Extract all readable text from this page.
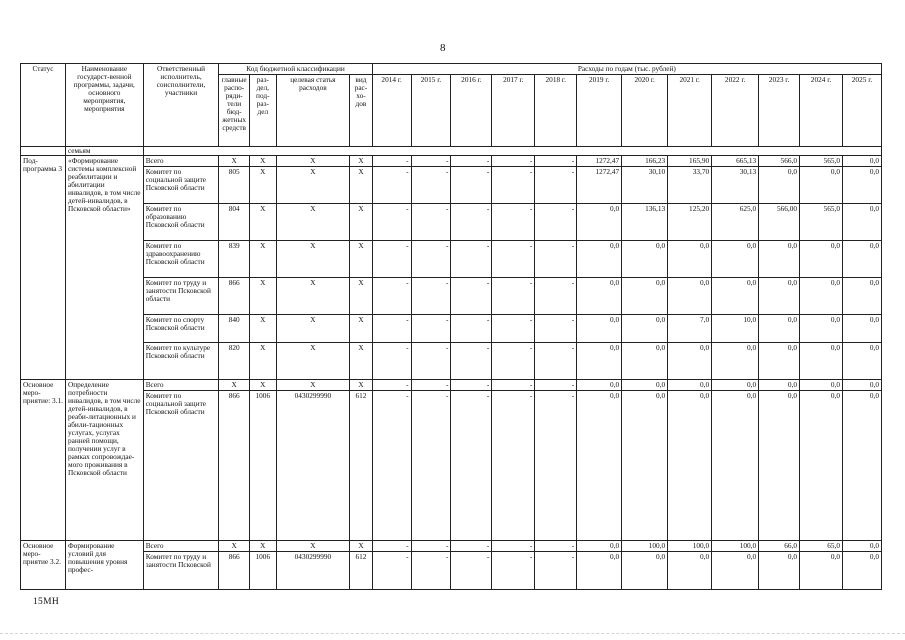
8
Статус	Наименование государст-венной программы, задачи, основного мероприятия, мероприятия	Ответственный исполнитель, соисполнители, участники	Код бюджетной классификации				Расходы по годам (тыс. рублей)											
			главные распо-ряди-тели бюд-жетных средств	раз-дел, под-раз-дел	целевая статья расходов	вид рас-хо-дов	2014 г.	2015 г.	2016 г.	2017 г.	2018 г.	2019 г.	2020 г.	2021 г.	2022 г.	2023 г.	2024 г.	2025 г.
	семьям																	
Под-программа 3	«Формирование системы комплексной реабилитации и абилитации инвалидов, в том числе детей-инвалидов, в Псковской области»	Всего	X	X	X	X	-	-	-	-	-	1272,47	166,23	165,90	665,13	566,0	565,0	0,0
		Комитет по социальной защите Псковской области	805	X	X	X	-	-	-	-	-	1272,47	30,10	33,70	30,13	0,0	0,0	0,0
		Комитет по образованию Псковской области	804	X	X	X	-	-	-	-	-	0,0	136,13	125,20	625,0	566,00	565,0	0,0
		Комитет по здравоохранению Псковской области	839	X	X	X	-	-	-	-	-	0,0	0,0	0,0	0,0	0,0	0,0	0,0
		Комитет по труду и занятости Псковской области	866	X	X	X	-	-	-	-	-	0,0	0,0	0,0	0,0	0,0	0,0	0,0
		Комитет по спорту Псковской области	840	X	X	X	-	-	-	-	-	0,0	0,0	7,0	10,0	0,0	0,0	0,0
		Комитет по культуре Псковской области	820	X	X	X	-	-	-	-	-	0,0	0,0	0,0	0,0	0,0	0,0	0,0
Основное меро-приятие: 3.1.	Определение потребности инвалидов, в том числе детей-инвалидов, в реаби-литационных и абили-тационных услугах, услугах ранней помощи, получении услуг в рамках сопровождае-мого проживания в Псковской области	Всего	X	X	X	X	-	-	-	-	-	0,0	0,0	0,0	0,0	0,0	0,0	0,0
		Комитет по социальной защите Псковской области	866	1006	0430299990	612	-	-	-	-	-	0,0	0,0	0,0	0,0	0,0	0,0	0,0
Основное меро-приятие 3.2.	Формирование условий для повышения уровня профес-	Всего	X	X	X	X	-	-	-	-	-	0,0	100,0	100,0	100,0	66,0	65,0	0,0
		Комитет по труду и занятости Псковской	866	1006	0430299990	612	-	-	-	-	-	0,0	0,0	0,0	0,0	0,0	0,0	0,0
15МН
